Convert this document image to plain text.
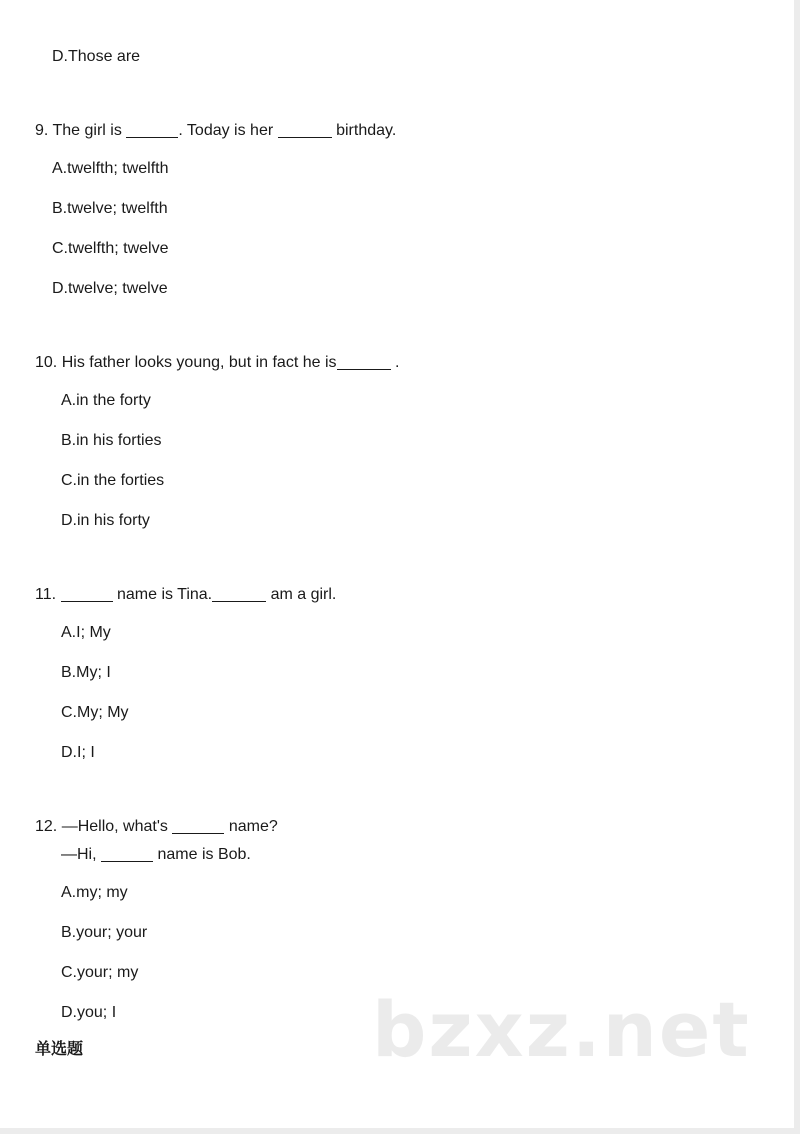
D.Those are
9. The girl is	. Today is her	birthday.
A.twelfth; twelfth
B.twelve; twelfth
C.twelfth; twelve
D.twelve; twelve
10. His father looks young, but in fact he is	.
A.in the forty
B.in his forties
C.in the forties
D.in his forty
11.	name is Tina.	am a girl.
A.I; My
B.My; I
C.My; My
D.I; I
12. —Hello, what's	name?
—Hi,	name is Bob.
A.my; my
B.your; your
C.your; my
D.you; I
单选题	bzxz.net
